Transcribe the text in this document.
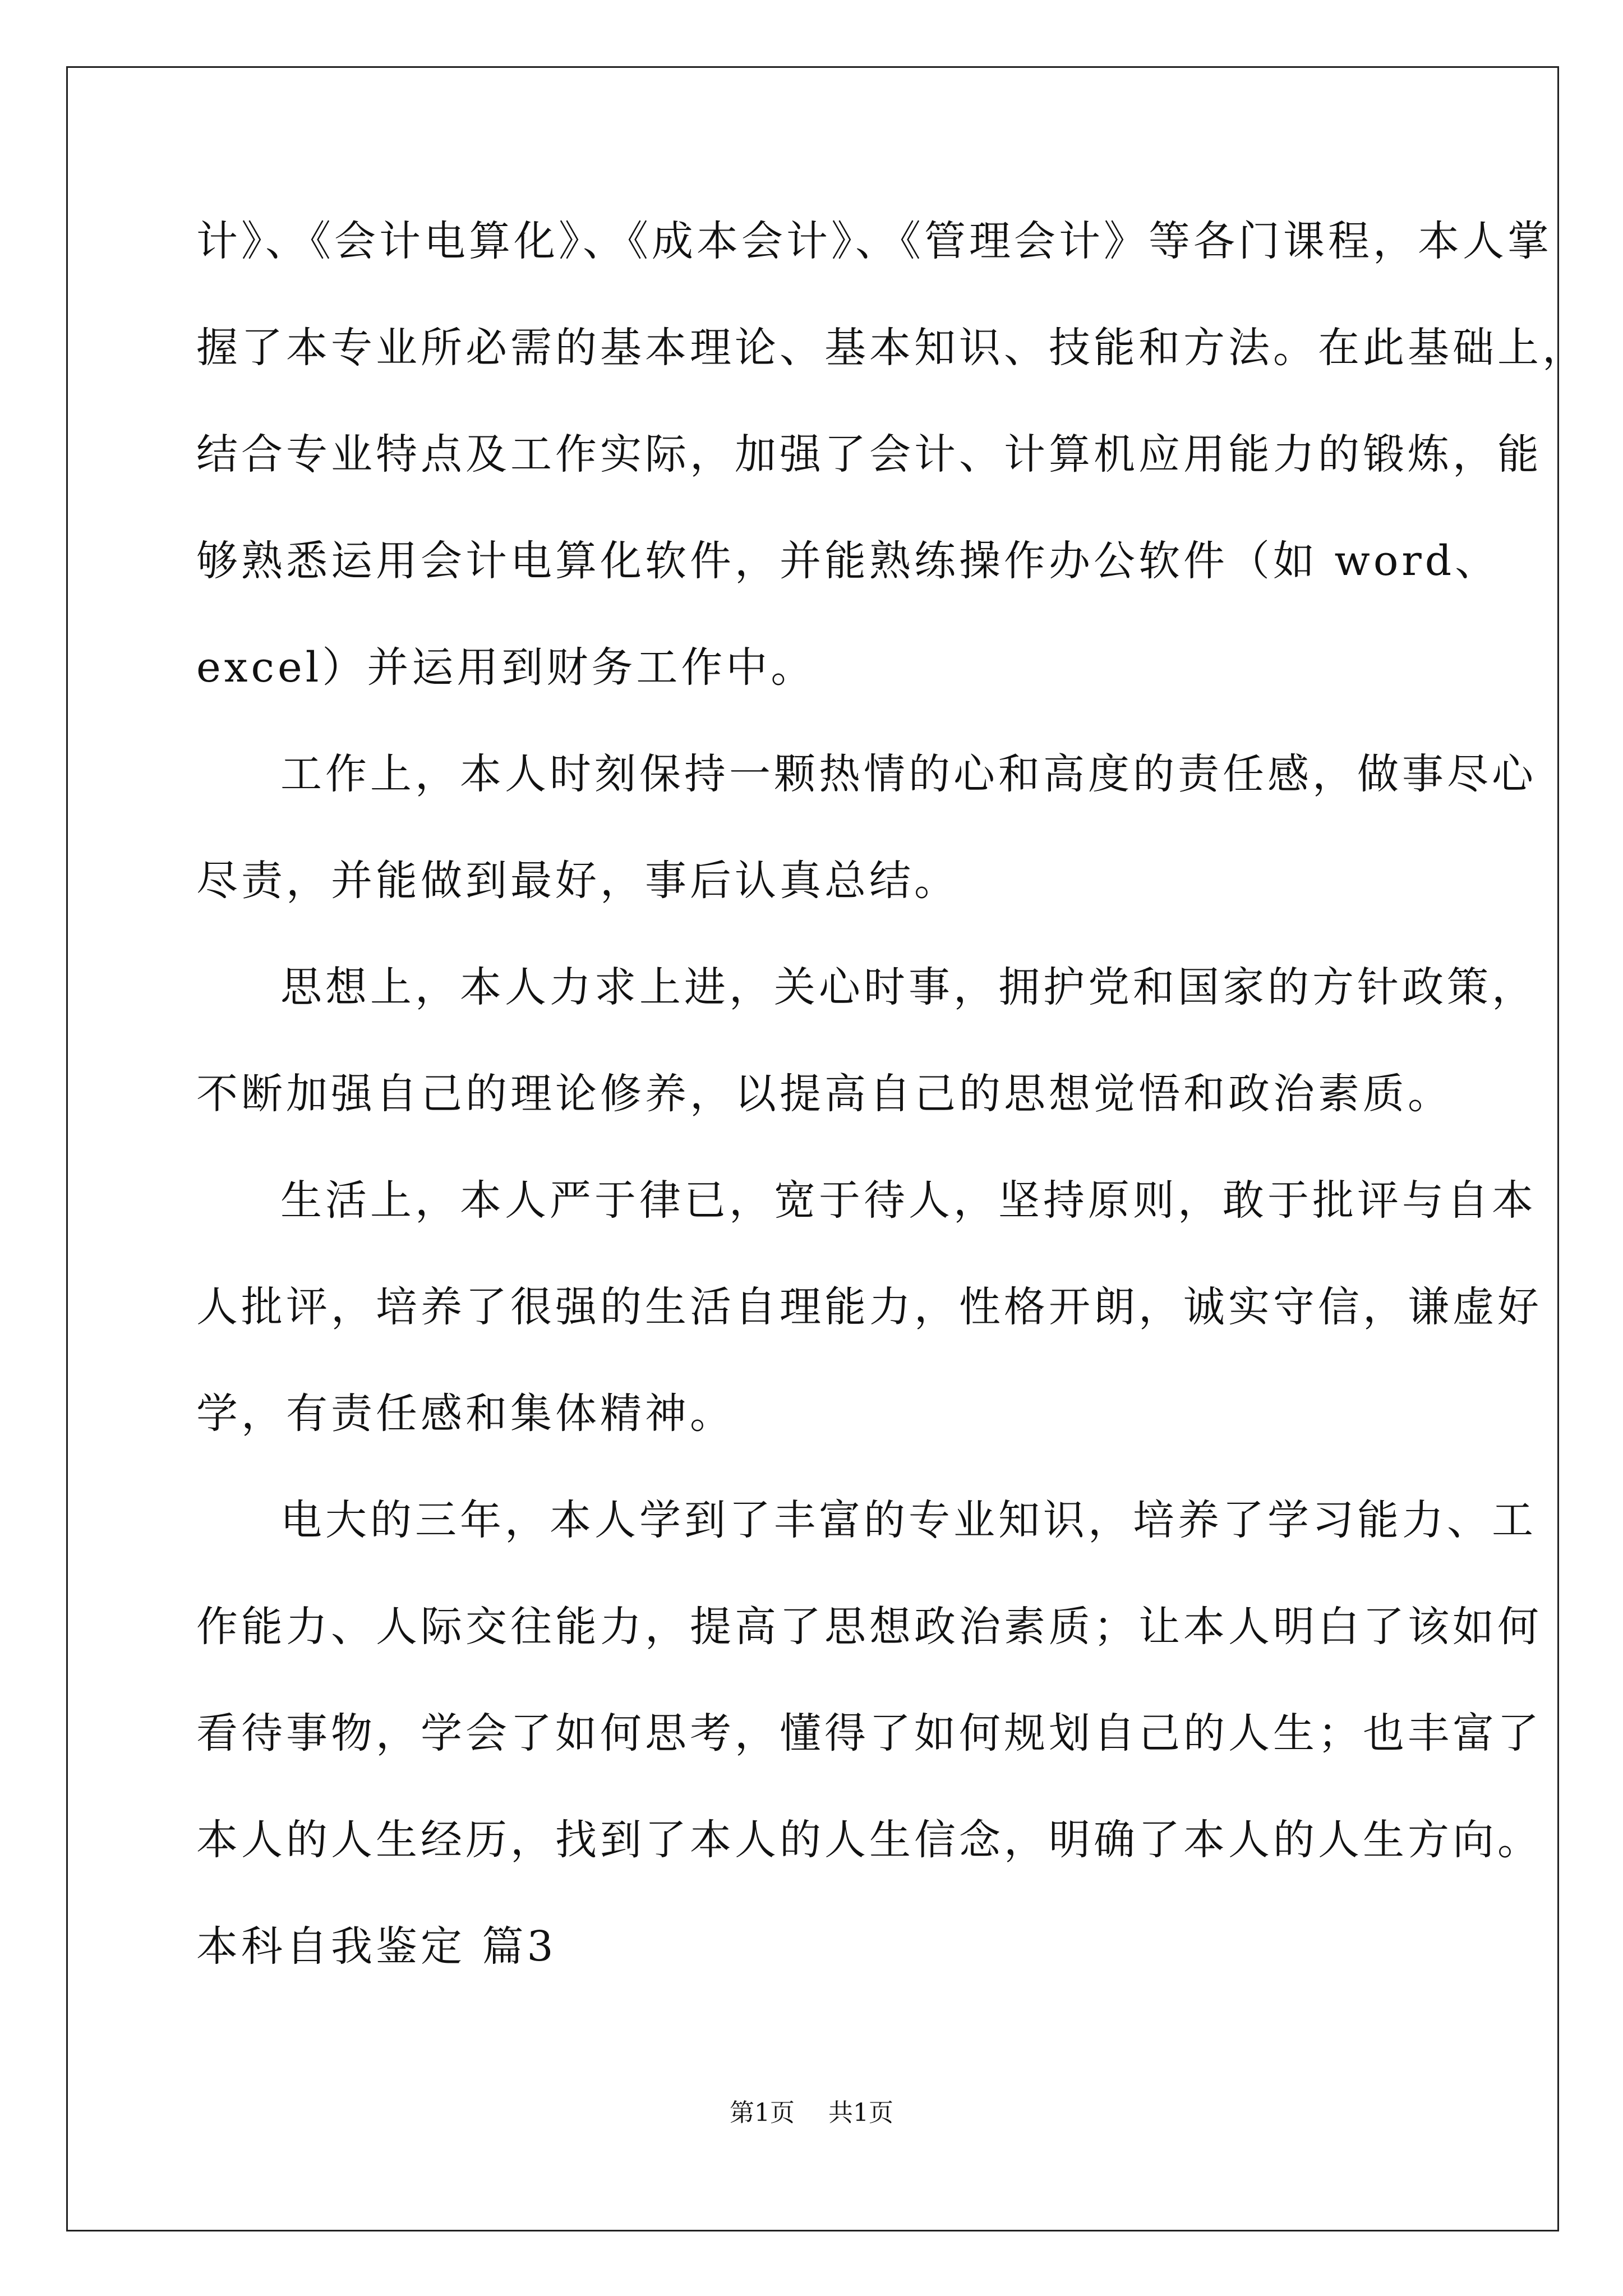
计》、《会计电算化》、《成本会计》、《管理会计》等各门课程，本人掌
握了本专业所必需的基本理论、基本知识、技能和方法。在此基础上，
结合专业特点及工作实际，加强了会计、计算机应用能力的锻炼，能
够熟悉运用会计电算化软件，并能熟练操作办公软件（如 word、
excel）并运用到财务工作中。
工作上，本人时刻保持一颗热情的心和高度的责任感，做事尽心
尽责，并能做到最好，事后认真总结。
思想上，本人力求上进，关心时事，拥护党和国家的方针政策，
不断加强自己的理论修养，以提高自己的思想觉悟和政治素质。
生活上，本人严于律已，宽于待人，坚持原则，敢于批评与自本
人批评，培养了很强的生活自理能力，性格开朗，诚实守信，谦虚好
学，有责任感和集体精神。
电大的三年，本人学到了丰富的专业知识，培养了学习能力、工
作能力、人际交往能力，提高了思想政治素质；让本人明白了该如何
看待事物，学会了如何思考，懂得了如何规划自己的人生；也丰富了
本人的人生经历，找到了本人的人生信念，明确了本人的人生方向。
本科自我鉴定 篇3
第1页 共1页
